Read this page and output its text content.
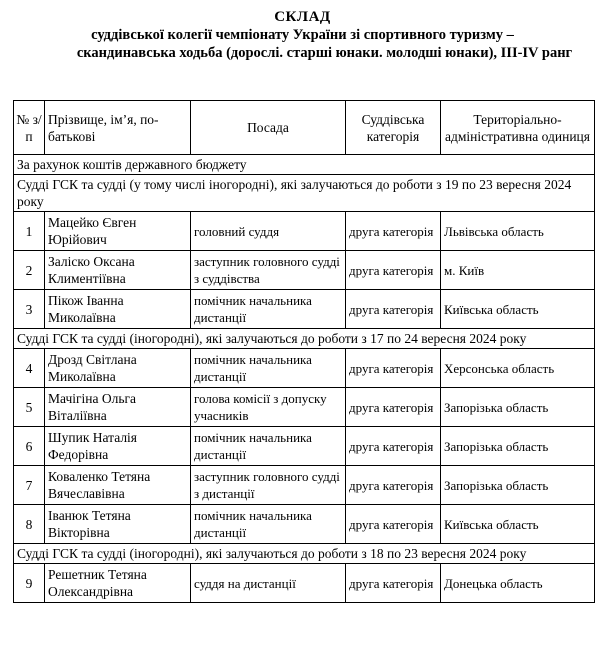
СКЛАД
суддівської колегії чемпіонату України зі спортивного туризму –
скандинавська ходьба (дорослі. старші юнаки. молодші юнаки), ІІІ-IV ранг
№ з/п	Прізвище, ім’я, по-батькові	Посада	Суддівська категорія	Територіально-адміністративна одиниця
За рахунок коштів державного бюджету				
Судді ГСК та судді (у тому числі іногородні), які залучаються до роботи з 19 по 23 вересня 2024 року				
1	Мацейко Євген Юрійович	головний суддя	друга категорія	Львівська область
2	Заліско Оксана Климентіївна	заступник головного судді з суддівства	друга категорія	м. Київ
3	Пікож Іванна Миколаївна	помічник начальника дистанції	друга категорія	Київська область
Судді ГСК та судді (іногородні), які залучаються до роботи з 17 по 24 вересня 2024 року				
4	Дрозд Світлана Миколаївна	помічник начальника дистанції	друга категорія	Херсонська область
5	Мачігіна Ольга Віталіївна	голова комісії з допуску учасників	друга категорія	Запорізька область
6	Шупик Наталія Федорівна	помічник начальника дистанції	друга категорія	Запорізька область
7	Коваленко Тетяна Вячеславівна	заступник головного судді з дистанції	друга категорія	Запорізька область
8	Іванюк Тетяна Вікторівна	помічник начальника дистанції	друга категорія	Київська область
Судді ГСК та судді (іногородні), які залучаються до роботи з 18 по 23 вересня 2024 року				
9	Решетник Тетяна Олександрівна	суддя на дистанції	друга категорія	Донецька область
